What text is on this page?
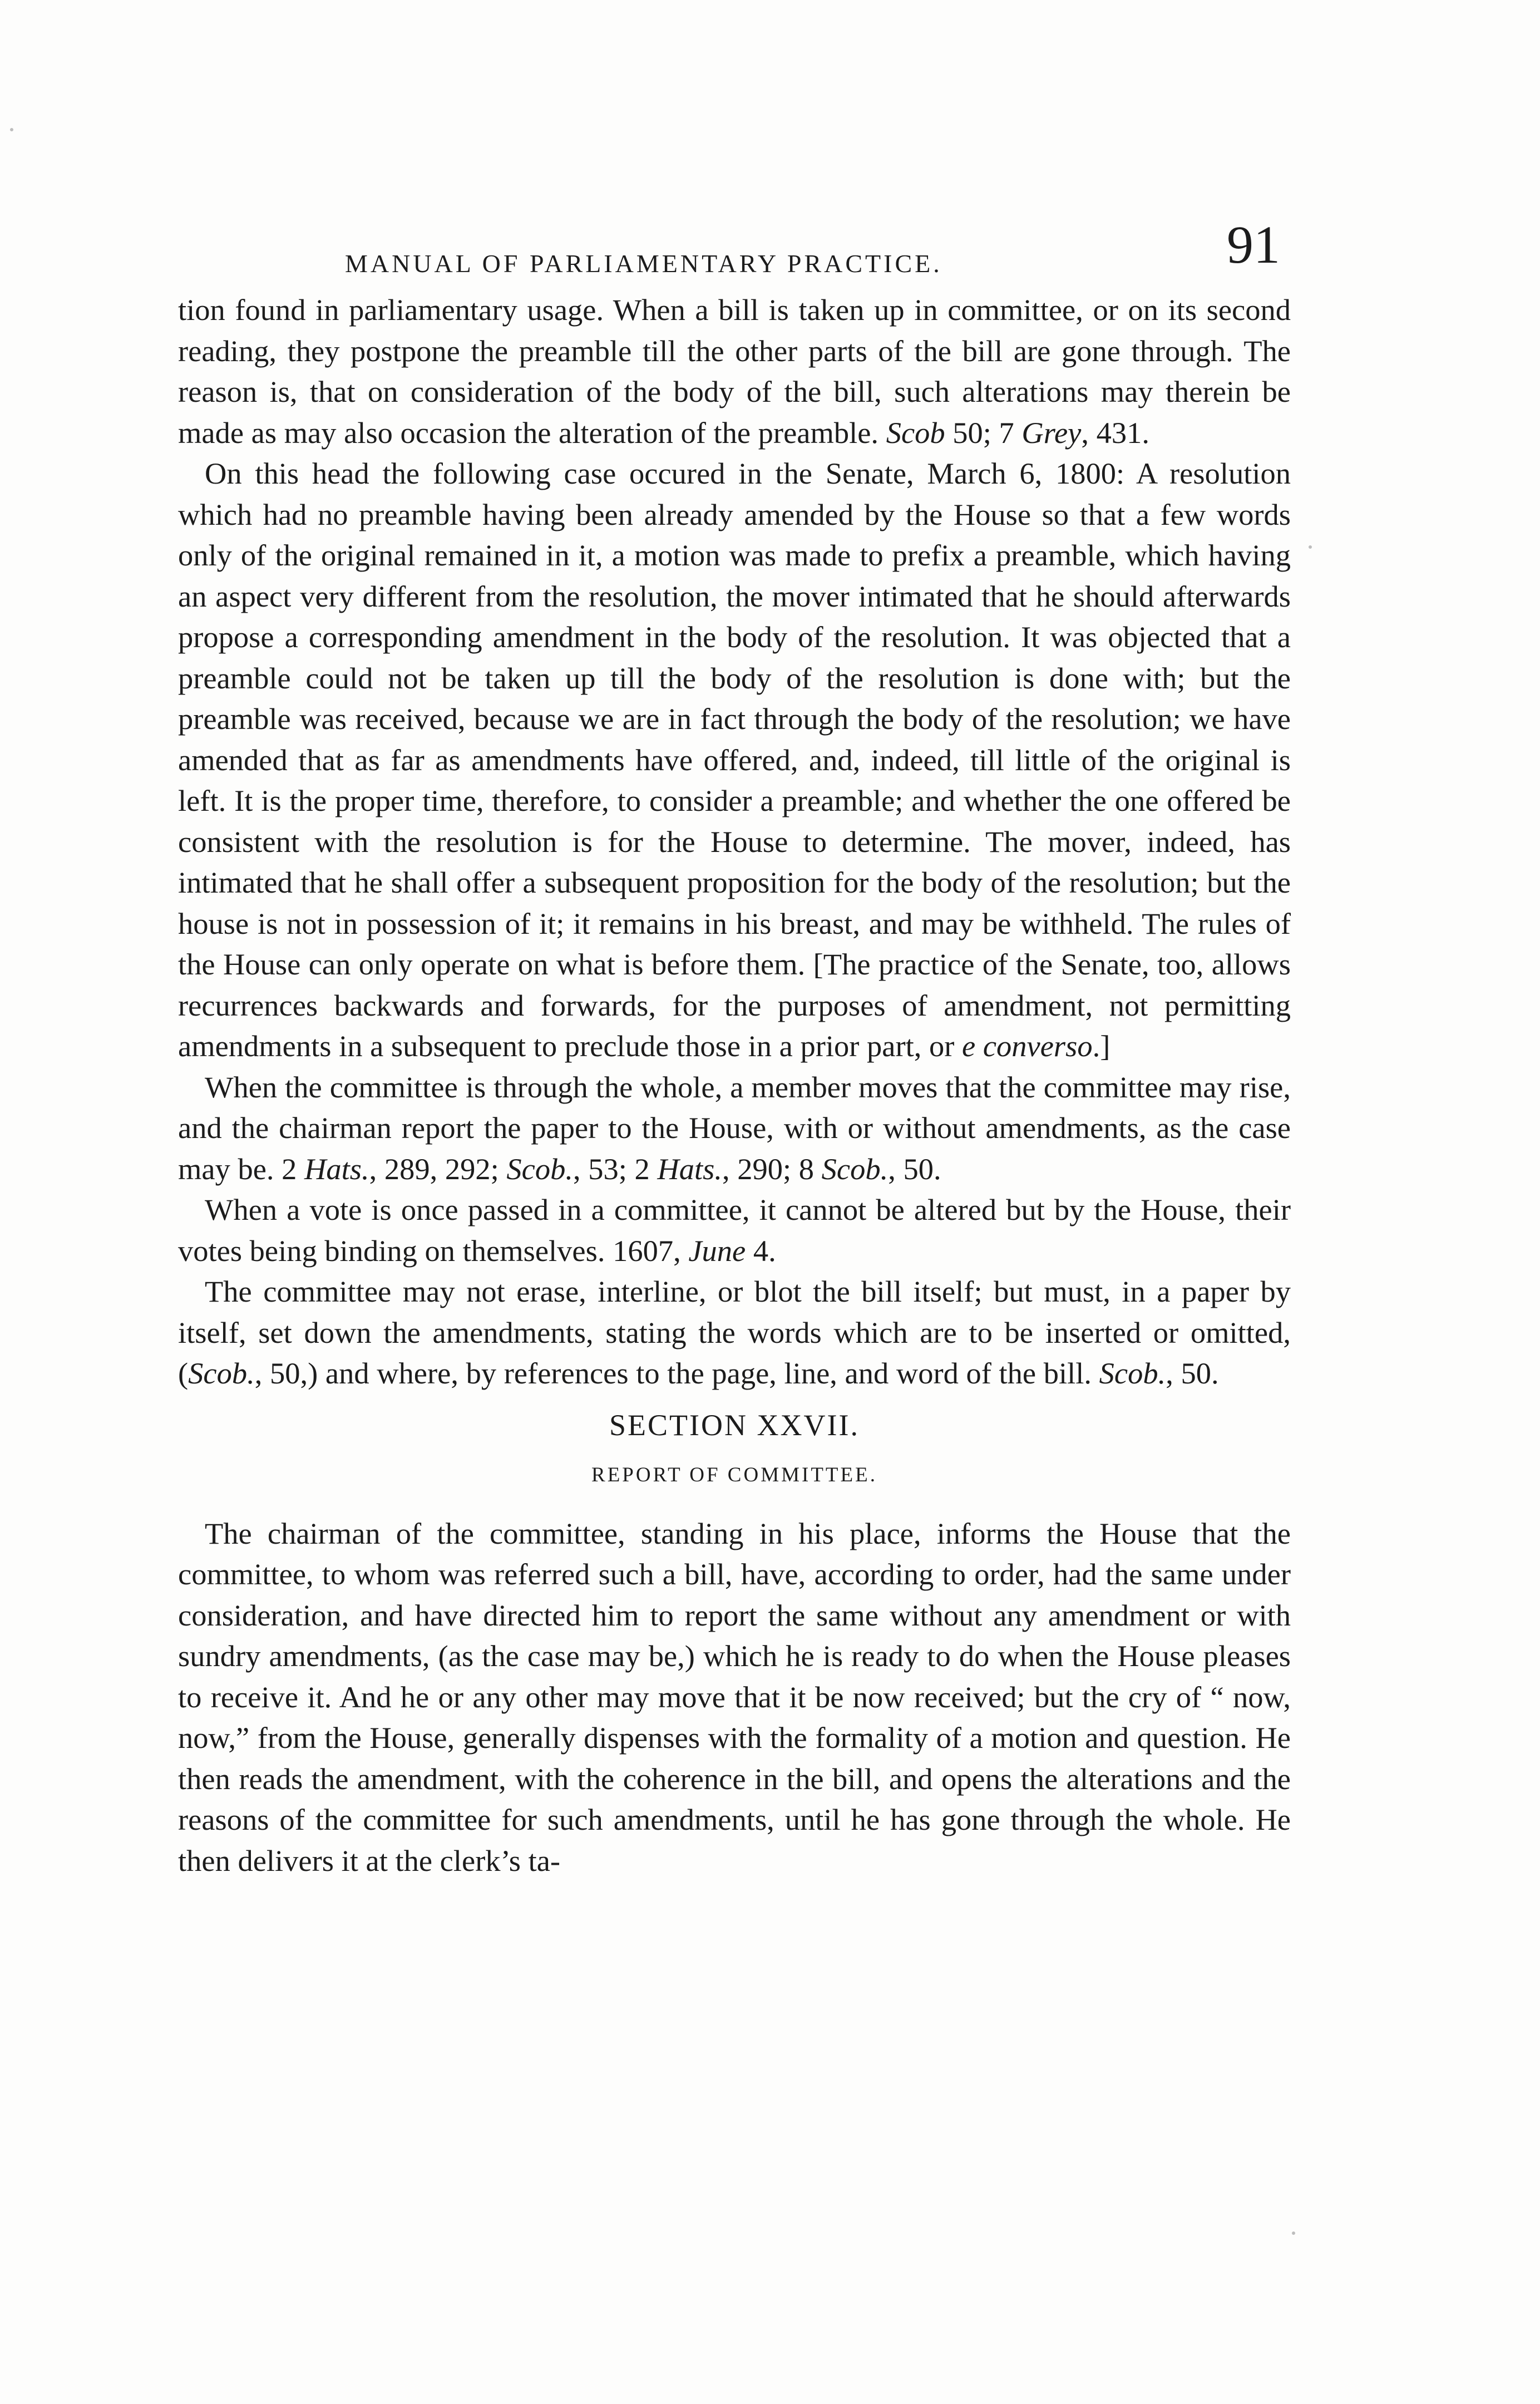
MANUAL OF PARLIAMENTARY PRACTICE.	91

tion found in parliamentary usage. When a bill is taken up in committee, or on its second reading, they postpone the preamble till the other parts of the bill are gone through. The reason is, that on consideration of the body of the bill, such alterations may therein be made as may also occasion the alteration of the preamble. Scob 50; 7 Grey, 431.

On this head the following case occured in the Senate, March 6, 1800: A resolution which had no preamble having been already amended by the House so that a few words only of the original remained in it, a motion was made to prefix a preamble, which having an aspect very different from the resolution, the mover intimated that he should afterwards propose a corresponding amendment in the body of the resolution. It was objected that a preamble could not be taken up till the body of the resolution is done with; but the preamble was received, because we are in fact through the body of the resolution; we have amended that as far as amendments have offered, and, indeed, till little of the original is left. It is the proper time, therefore, to consider a preamble; and whether the one offered be consistent with the resolution is for the House to determine. The mover, indeed, has intimated that he shall offer a subsequent proposition for the body of the resolution; but the house is not in possession of it; it remains in his breast, and may be withheld. The rules of the House can only operate on what is before them. [The practice of the Senate, too, allows recurrences backwards and forwards, for the purposes of amendment, not permitting amendments in a subsequent to preclude those in a prior part, or e converso.]

When the committee is through the whole, a member moves that the committee may rise, and the chairman report the paper to the House, with or without amendments, as the case may be. 2 Hats., 289, 292; Scob., 53; 2 Hats., 290; 8 Scob., 50.

When a vote is once passed in a committee, it cannot be altered but by the House, their votes being binding on themselves. 1607, June 4.

The committee may not erase, interline, or blot the bill itself; but must, in a paper by itself, set down the amendments, stating the words which are to be inserted or omitted, (Scob., 50,) and where, by references to the page, line, and word of the bill. Scob., 50.

SECTION XXVII.
REPORT OF COMMITTEE.

The chairman of the committee, standing in his place, informs the House that the committee, to whom was referred such a bill, have, according to order, had the same under consideration, and have directed him to report the same without any amendment or with sundry amendments, (as the case may be,) which he is ready to do when the House pleases to receive it. And he or any other may move that it be now received; but the cry of “ now, now,” from the House, generally dispenses with the formality of a motion and question. He then reads the amendment, with the coherence in the bill, and opens the alterations and the reasons of the committee for such amendments, until he has gone through the whole. He then delivers it at the clerk’s ta-
